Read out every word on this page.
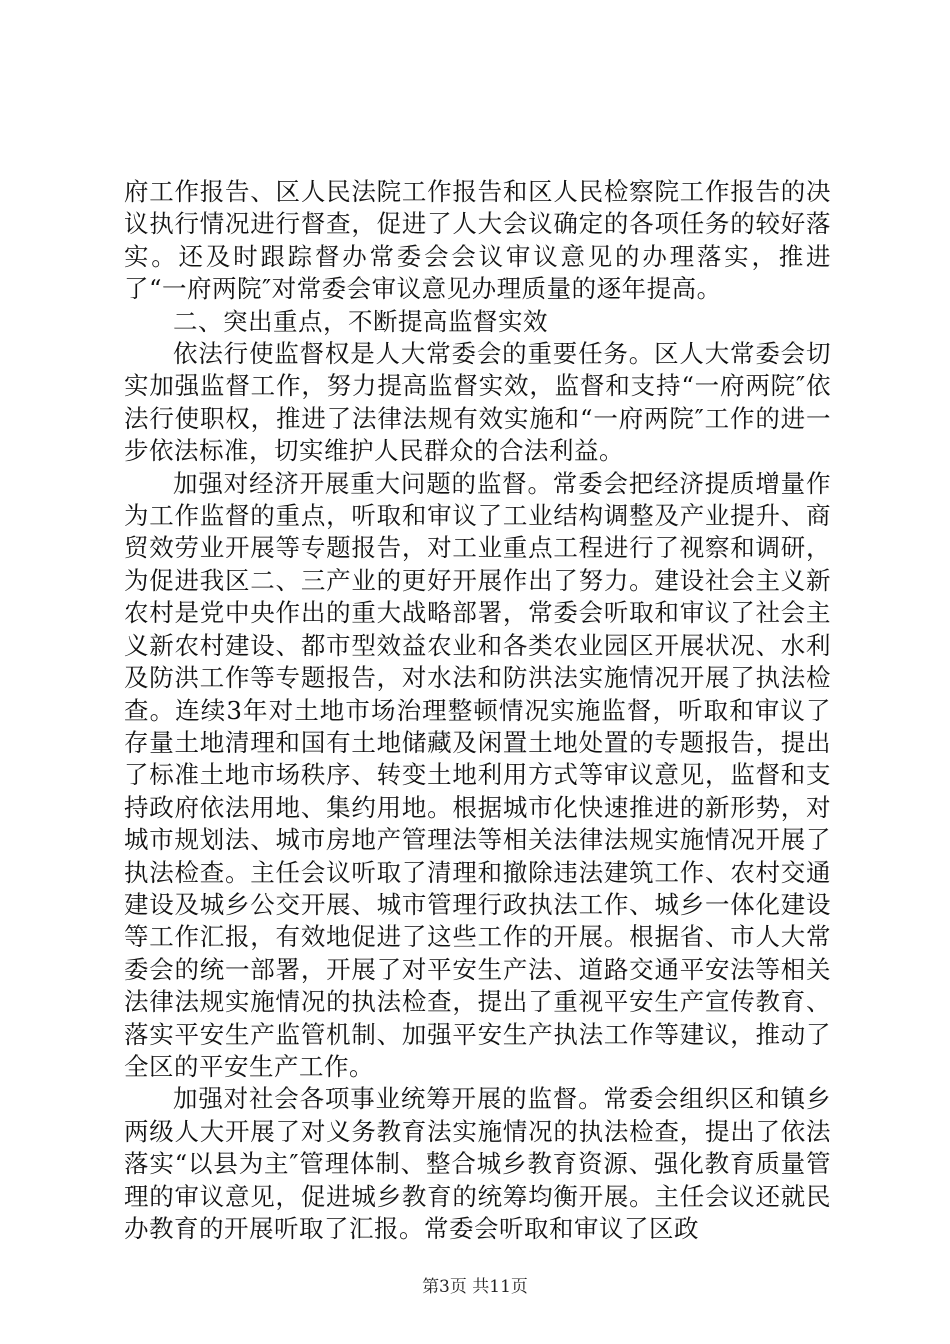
府工作报告、区人民法院工作报告和区人民检察院工作报告的决议执行情况进行督查，促进了人大会议确定的各项任务的较好落实。还及时跟踪督办常委会会议审议意见的办理落实，推进了“一府两院″对常委会审议意见办理质量的逐年提高。

二、突出重点，不断提高监督实效

依法行使监督权是人大常委会的重要任务。区人大常委会切实加强监督工作，努力提高监督实效，监督和支持“一府两院″依法行使职权，推进了法律法规有效实施和“一府两院″工作的进一步依法标准，切实维护人民群众的合法利益。

加强对经济开展重大问题的监督。常委会把经济提质增量作为工作监督的重点，听取和审议了工业结构调整及产业提升、商贸效劳业开展等专题报告，对工业重点工程进行了视察和调研，为促进我区二、三产业的更好开展作出了努力。建设社会主义新农村是党中央作出的重大战略部署，常委会听取和审议了社会主义新农村建设、都市型效益农业和各类农业园区开展状况、水利及防洪工作等专题报告，对水法和防洪法实施情况开展了执法检查。连续3年对土地市场治理整顿情况实施监督，听取和审议了存量土地清理和国有土地储藏及闲置土地处置的专题报告，提出了标准土地市场秩序、转变土地利用方式等审议意见，监督和支持政府依法用地、集约用地。根据城市化快速推进的新形势，对城市规划法、城市房地产管理法等相关法律法规实施情况开展了执法检查。主任会议听取了清理和撤除违法建筑工作、农村交通建设及城乡公交开展、城市管理行政执法工作、城乡一体化建设等工作汇报，有效地促进了这些工作的开展。根据省、市人大常委会的统一部署，开展了对平安生产法、道路交通平安法等相关法律法规实施情况的执法检查，提出了重视平安生产宣传教育、落实平安生产监管机制、加强平安生产执法工作等建议，推动了全区的平安生产工作。

加强对社会各项事业统筹开展的监督。常委会组织区和镇乡两级人大开展了对义务教育法实施情况的执法检查，提出了依法落实“以县为主″管理体制、整合城乡教育资源、强化教育质量管理的审议意见，促进城乡教育的统筹均衡开展。主任会议还就民办教育的开展听取了汇报。常委会听取和审议了区政

第3页 共11页
